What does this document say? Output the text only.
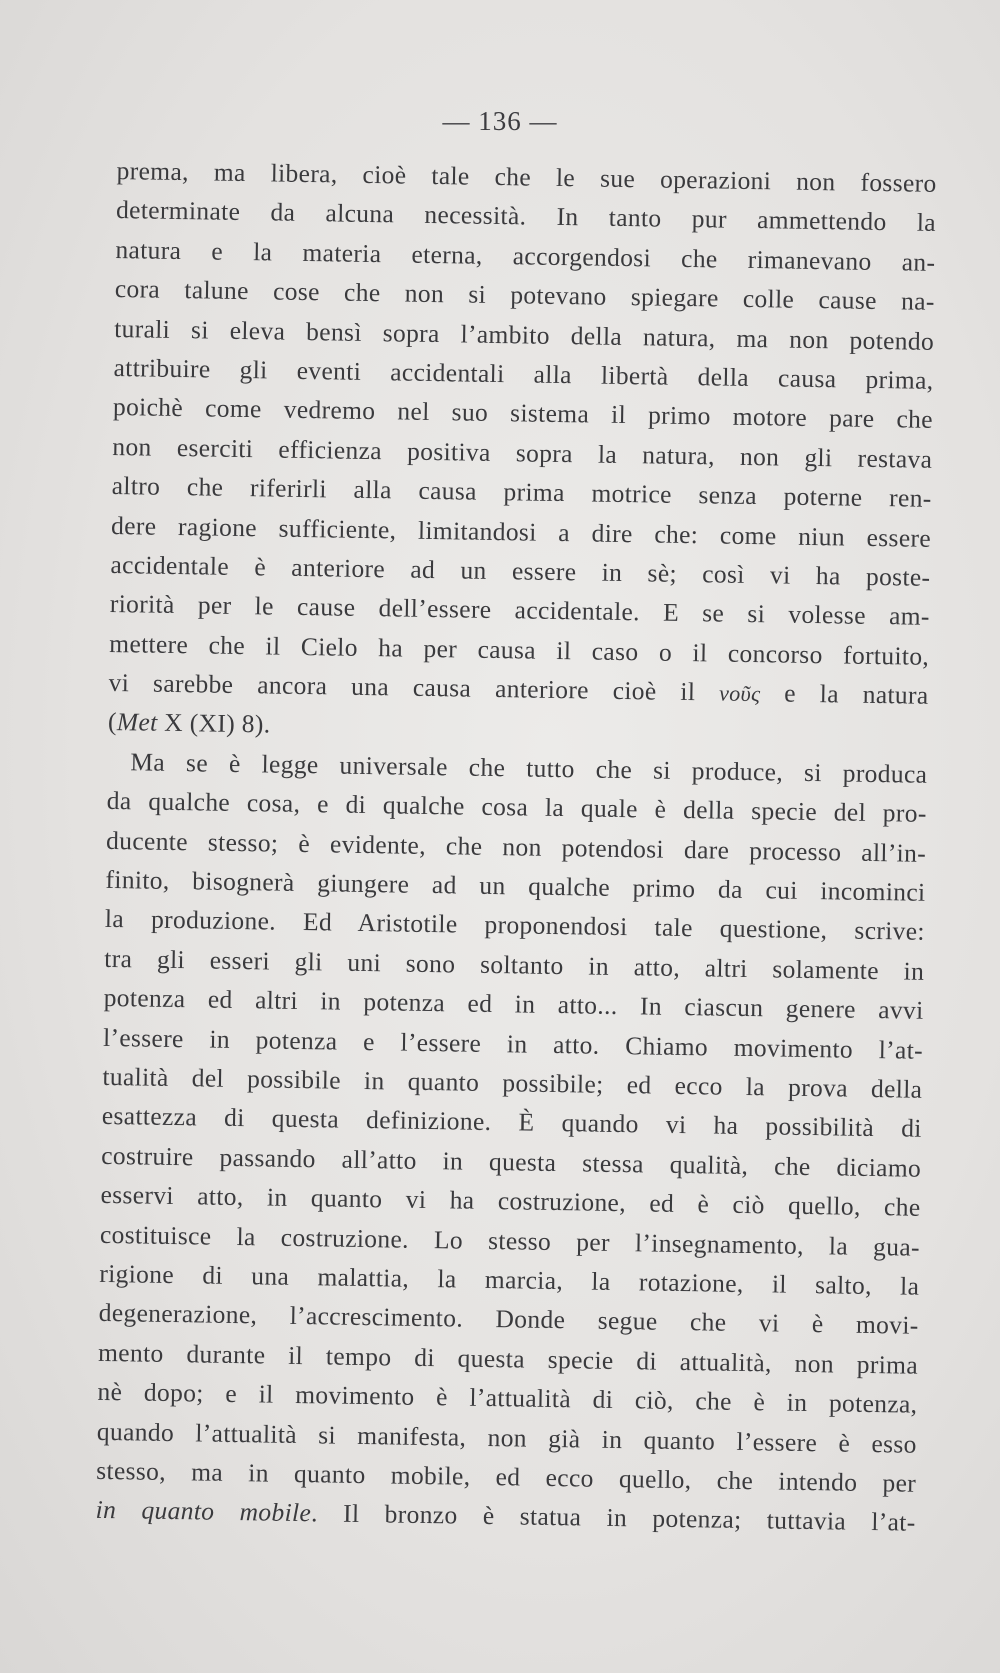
— 136 —
prema, ma libera, cioè tale che le sue operazioni non fossero
determinate da alcuna necessità. In tanto pur ammettendo la
natura e la materia eterna, accorgendosi che rimanevano an-
cora talune cose che non si potevano spiegare colle cause na-
turali si eleva bensì sopra l’ambito della natura, ma non potendo
attribuire gli eventi accidentali alla libertà della causa prima,
poichè come vedremo nel suo sistema il primo motore pare che
non eserciti efficienza positiva sopra la natura, non gli restava
altro che riferirli alla causa prima motrice senza poterne ren-
dere ragione sufficiente, limitandosi a dire che: come niun essere
accidentale è anteriore ad un essere in sè; così vi ha poste-
riorità per le cause dell’essere accidentale. E se si volesse am-
mettere che il Cielo ha per causa il caso o il concorso fortuito,
vi sarebbe ancora una causa anteriore cioè il νοῦς e la natura
(Met X (XI) 8).
Ma se è legge universale che tutto che si produce, si produca
da qualche cosa, e di qualche cosa la quale è della specie del pro-
ducente stesso; è evidente, che non potendosi dare processo all’in-
finito, bisognerà giungere ad un qualche primo da cui incominci
la produzione. Ed Aristotile proponendosi tale questione, scrive:
tra gli esseri gli uni sono soltanto in atto, altri solamente in
potenza ed altri in potenza ed in atto... In ciascun genere avvi
l’essere in potenza e l’essere in atto. Chiamo movimento l’at-
tualità del possibile in quanto possibile; ed ecco la prova della
esattezza di questa definizione. È quando vi ha possibilità di
costruire passando all’atto in questa stessa qualità, che diciamo
esservi atto, in quanto vi ha costruzione, ed è ciò quello, che
costituisce la costruzione. Lo stesso per l’insegnamento, la gua-
rigione di una malattia, la marcia, la rotazione, il salto, la
degenerazione, l’accrescimento. Donde segue che vi è movi-
mento durante il tempo di questa specie di attualità, non prima
nè dopo; e il movimento è l’attualità di ciò, che è in potenza,
quando l’attualità si manifesta, non già in quanto l’essere è esso
stesso, ma in quanto mobile, ed ecco quello, che intendo per
in quanto mobile. Il bronzo è statua in potenza; tuttavia l’at-
